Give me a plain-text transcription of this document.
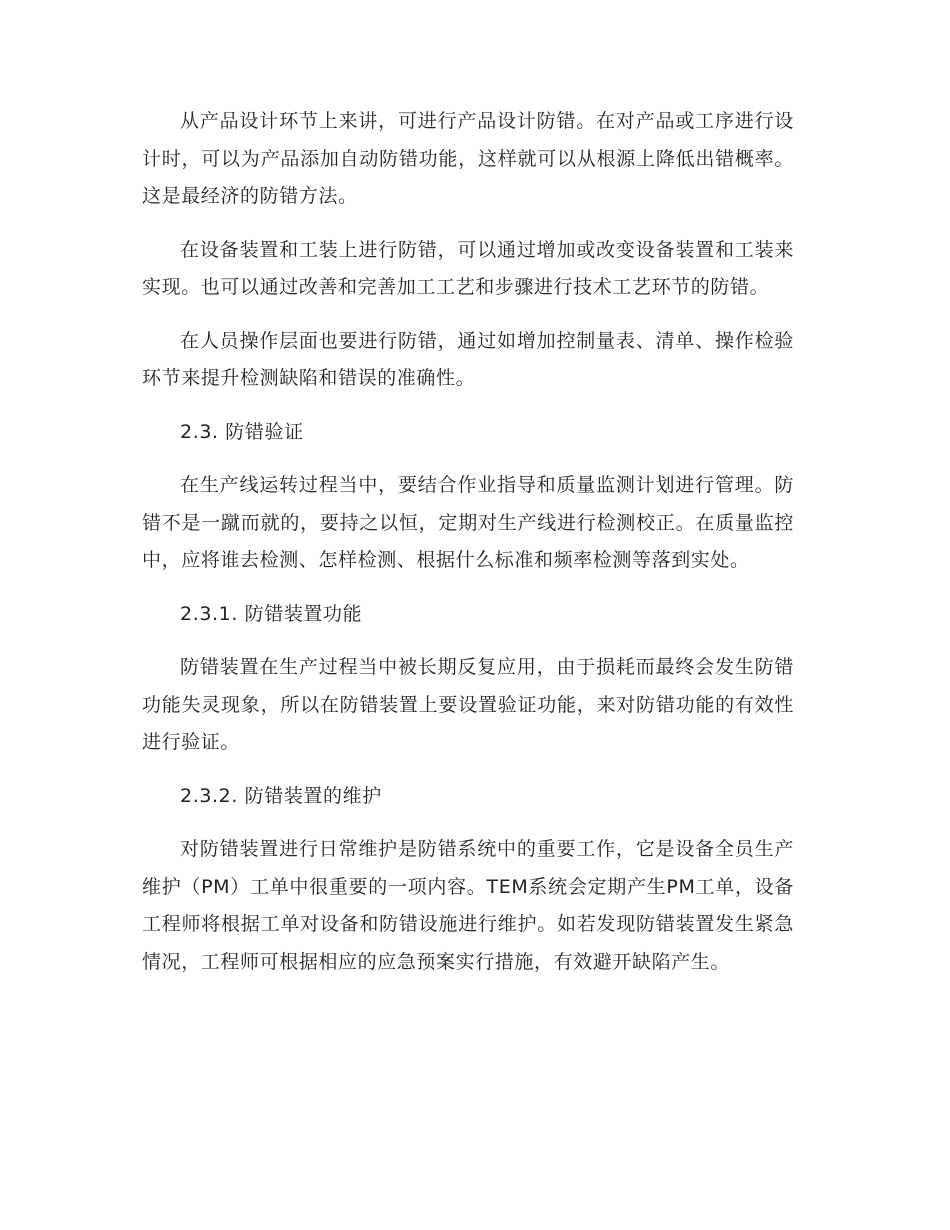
从产品设计环节上来讲，可进行产品设计防错。在对产品或工序进行设计时，可以为产品添加自动防错功能，这样就可以从根源上降低出错概率。这是最经济的防错方法。

在设备装置和工装上进行防错，可以通过增加或改变设备装置和工装来实现。也可以通过改善和完善加工工艺和步骤进行技术工艺环节的防错。

在人员操作层面也要进行防错，通过如增加控制量表、清单、操作检验环节来提升检测缺陷和错误的准确性。

2.3. 防错验证

在生产线运转过程当中，要结合作业指导和质量监测计划进行管理。防错不是一蹴而就的，要持之以恒，定期对生产线进行检测校正。在质量监控中，应将谁去检测、怎样检测、根据什么标准和频率检测等落到实处。

2.3.1. 防错装置功能

防错装置在生产过程当中被长期反复应用，由于损耗而最终会发生防错功能失灵现象，所以在防错装置上要设置验证功能，来对防错功能的有效性进行验证。

2.3.2. 防错装置的维护

对防错装置进行日常维护是防错系统中的重要工作，它是设备全员生产维护（PM）工单中很重要的一项内容。TEM系统会定期产生PM工单，设备工程师将根据工单对设备和防错设施进行维护。如若发现防错装置发生紧急情况，工程师可根据相应的应急预案实行措施，有效避开缺陷产生。
